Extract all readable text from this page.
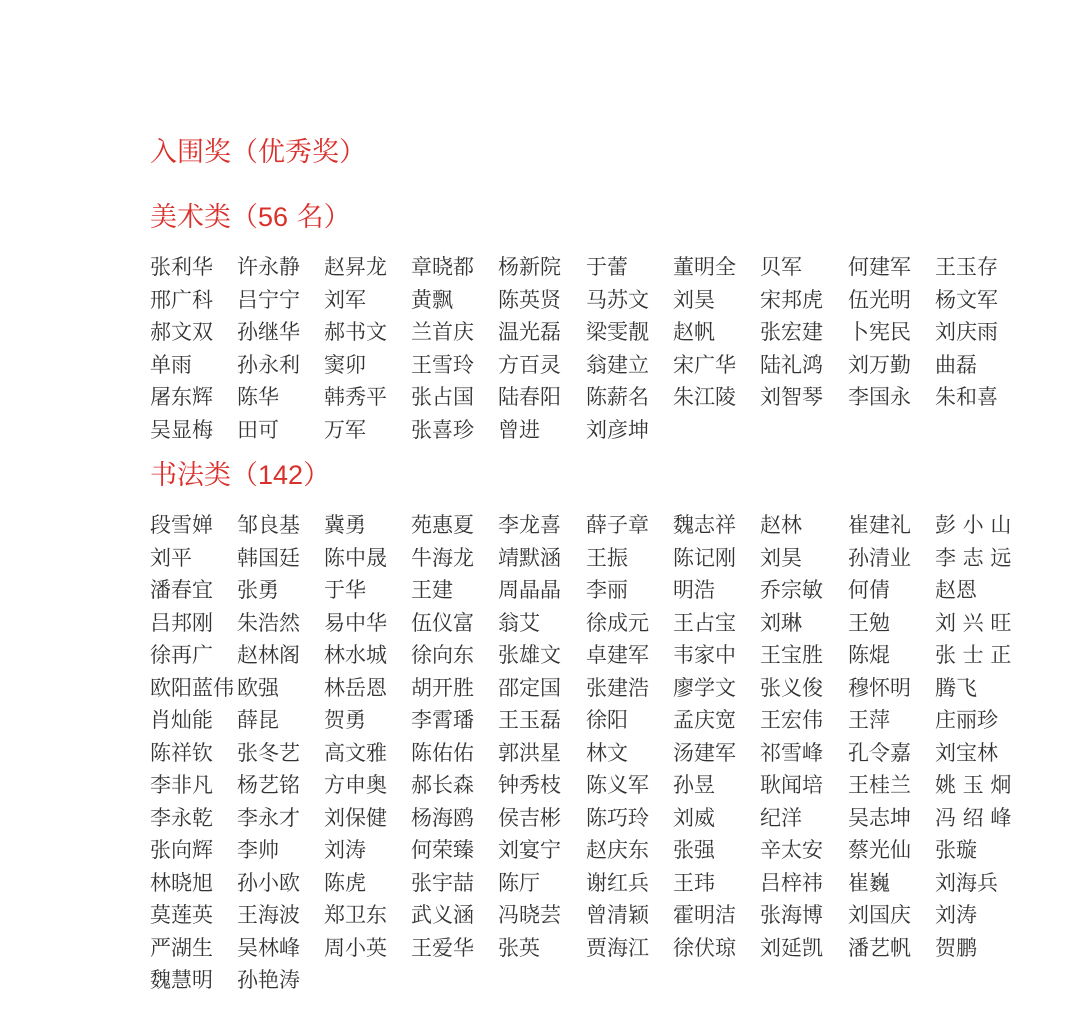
入围奖（优秀奖）
美术类（56 名）
张利华 许永静 赵昇龙 章晓都 杨新院 于蕾 董明全 贝军 何建军 王玉存
邢广科 吕宁宁 刘军 黄飘 陈英贤 马苏文 刘昊 宋邦虎 伍光明 杨文军
郝文双 孙继华 郝书文 兰首庆 温光磊 梁雯靓 赵帆 张宏建 卜宪民 刘庆雨
单雨 孙永利 窦卯 王雪玲 方百灵 翁建立 宋广华 陆礼鸿 刘万勤 曲磊
屠东辉 陈华 韩秀平 张占国 陆春阳 陈薪名 朱江陵 刘智琴 李国永 朱和喜
吴显梅 田可 万军 张喜珍 曾进 刘彦坤
书法类（142）
段雪婵 邹良基 冀勇 苑惠夏 李龙喜 薛子章 魏志祥 赵林 崔建礼 彭 小 山
刘平 韩国廷 陈中晟 牛海龙 靖默涵 王振 陈记刚 刘昊 孙清业 李 志 远
潘春宜 张勇 于华 王建 周晶晶 李丽 明浩 乔宗敏 何倩 赵恩
吕邦刚 朱浩然 易中华 伍仪富 翁艾 徐成元 王占宝 刘琳 王勉 刘 兴 旺
徐再广 赵林阁 林水城 徐向东 张雄文 卓建军 韦家中 王宝胜 陈焜 张 士 正
欧阳蓝伟 欧强 林岳恩 胡开胜 邵定国 张建浩 廖学文 张义俊 穆怀明 腾飞
肖灿能 薛昆 贺勇 李霄璠 王玉磊 徐阳 孟庆宽 王宏伟 王萍 庄丽珍
陈祥钦 张冬艺 高文雅 陈佑佑 郭洪星 林文 汤建军 祁雪峰 孔令嘉 刘宝林
李非凡 杨艺铭 方申奥 郝长森 钟秀枝 陈义军 孙昱 耿闻培 王桂兰 姚 玉 炯
李永乾 李永才 刘保健 杨海鸥 侯吉彬 陈巧玲 刘威 纪洋 吴志坤 冯 绍 峰
张向辉 李帅 刘涛 何荣臻 刘宴宁 赵庆东 张强 辛太安 蔡光仙 张璇
林晓旭 孙小欧 陈虎 张宇喆 陈厅 谢红兵 王玮 吕梓祎 崔巍 刘海兵
莫莲英 王海波 郑卫东 武义涵 冯晓芸 曾清颖 霍明洁 张海博 刘国庆 刘涛
严湖生 吴林峰 周小英 王爱华 张英 贾海江 徐伏琼 刘延凯 潘艺帆 贺鹏
魏慧明 孙艳涛
